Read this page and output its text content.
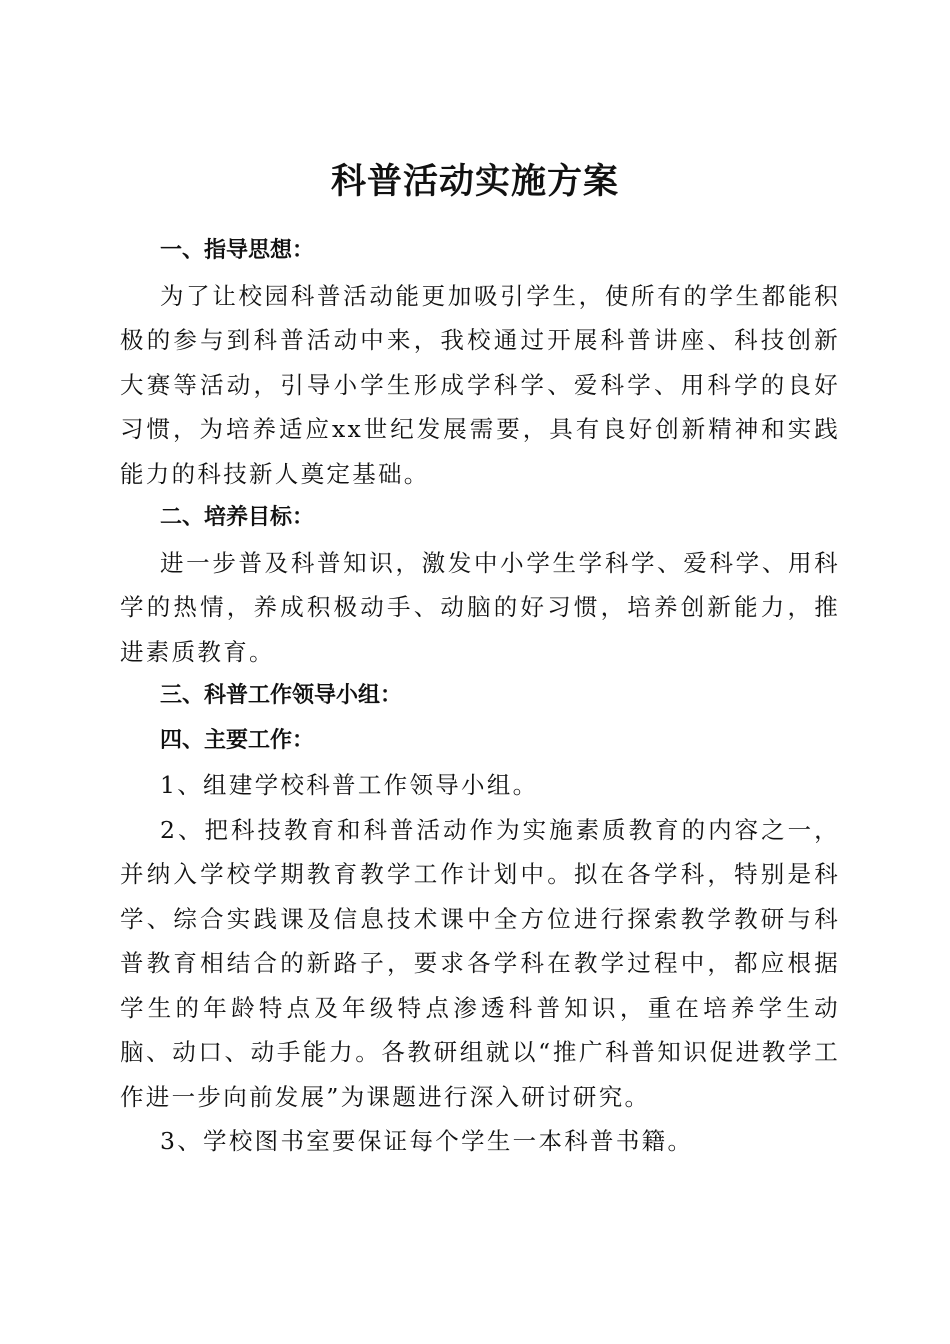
科普活动实施方案

一、指导思想：

为了让校园科普活动能更加吸引学生，使所有的学生都能积极的参与到科普活动中来，我校通过开展科普讲座、科技创新大赛等活动，引导小学生形成学科学、爱科学、用科学的良好习惯，为培养适应xx世纪发展需要，具有良好创新精神和实践能力的科技新人奠定基础。

二、培养目标：

进一步普及科普知识，激发中小学生学科学、爱科学、用科学的热情，养成积极动手、动脑的好习惯，培养创新能力，推进素质教育。

三、科普工作领导小组：

四、主要工作：

1、组建学校科普工作领导小组。

2、把科技教育和科普活动作为实施素质教育的内容之一，并纳入学校学期教育教学工作计划中。拟在各学科，特别是科学、综合实践课及信息技术课中全方位进行探索教学教研与科普教育相结合的新路子，要求各学科在教学过程中，都应根据学生的年龄特点及年级特点渗透科普知识，重在培养学生动脑、动口、动手能力。各教研组就以“推广科普知识促进教学工作进一步向前发展”为课题进行深入研讨研究。

3、学校图书室要保证每个学生一本科普书籍。
